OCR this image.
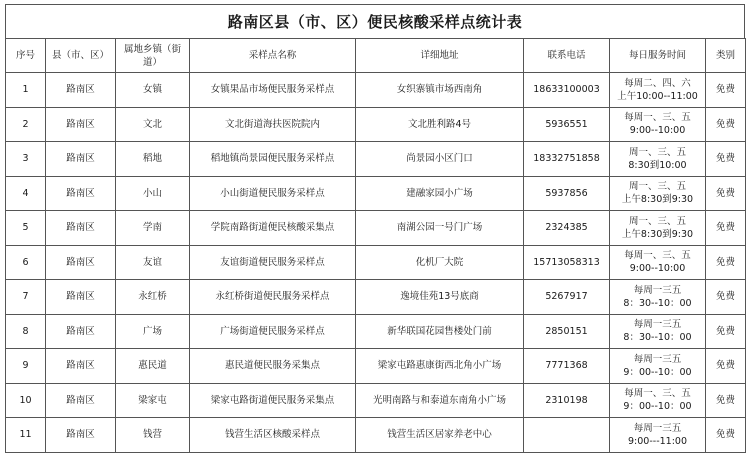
路南区县（市、区）便民核酸采样点统计表
序号	县（市、区）	属地乡镇（街道）	采样点名称	详细地址	联系电话	每日服务时间	类别
1	路南区	女镇	女镇果品市场便民服务采样点	女织寨镇市场西南角	18633100003	每周二、四、六
上午10:00--11:00	免费
2	路南区	文北	文北街道海扶医院院内	文北胜利路4号	5936551	每周一、三、五
9:00--10:00	免费
3	路南区	稻地	稻地镇尚景园便民服务采样点	尚景园小区门口	18332751858	周一、三、五
8:30到10:00	免费
4	路南区	小山	小山街道便民服务采样点	建融家园小广场	5937856	周一、三、五
上午8:30到9:30	免费
5	路南区	学南	学院南路街道便民核酸采集点	南湖公园一号门广场	2324385	周一、三、五
上午8:30到9:30	免费
6	路南区	友谊	友谊街道便民服务采样点	化机厂大院	15713058313	每周一、三、五
9:00--10:00	免费
7	路南区	永红桥	永红桥街道便民服务采样点	逸境佳苑13号底商	5267917	每周一三五
8：30--10：00	免费
8	路南区	广场	广场街道便民服务采样点	新华联国花园售楼处门前	2850151	每周一三五
8：30--10：00	免费
9	路南区	惠民道	惠民道便民服务采集点	梁家屯路惠康街西北角小广场	7771368	每周一三五
9：00--10：00	免费
10	路南区	梁家屯	梁家屯路街道便民服务采集点	光明南路与和泰道东南角小广场	2310198	每周一、三、五
9：00--10：00	免费
11	路南区	钱营	钱营生活区核酸采样点	钱营生活区居家养老中心		每周一三五
9:00---11:00	免费
